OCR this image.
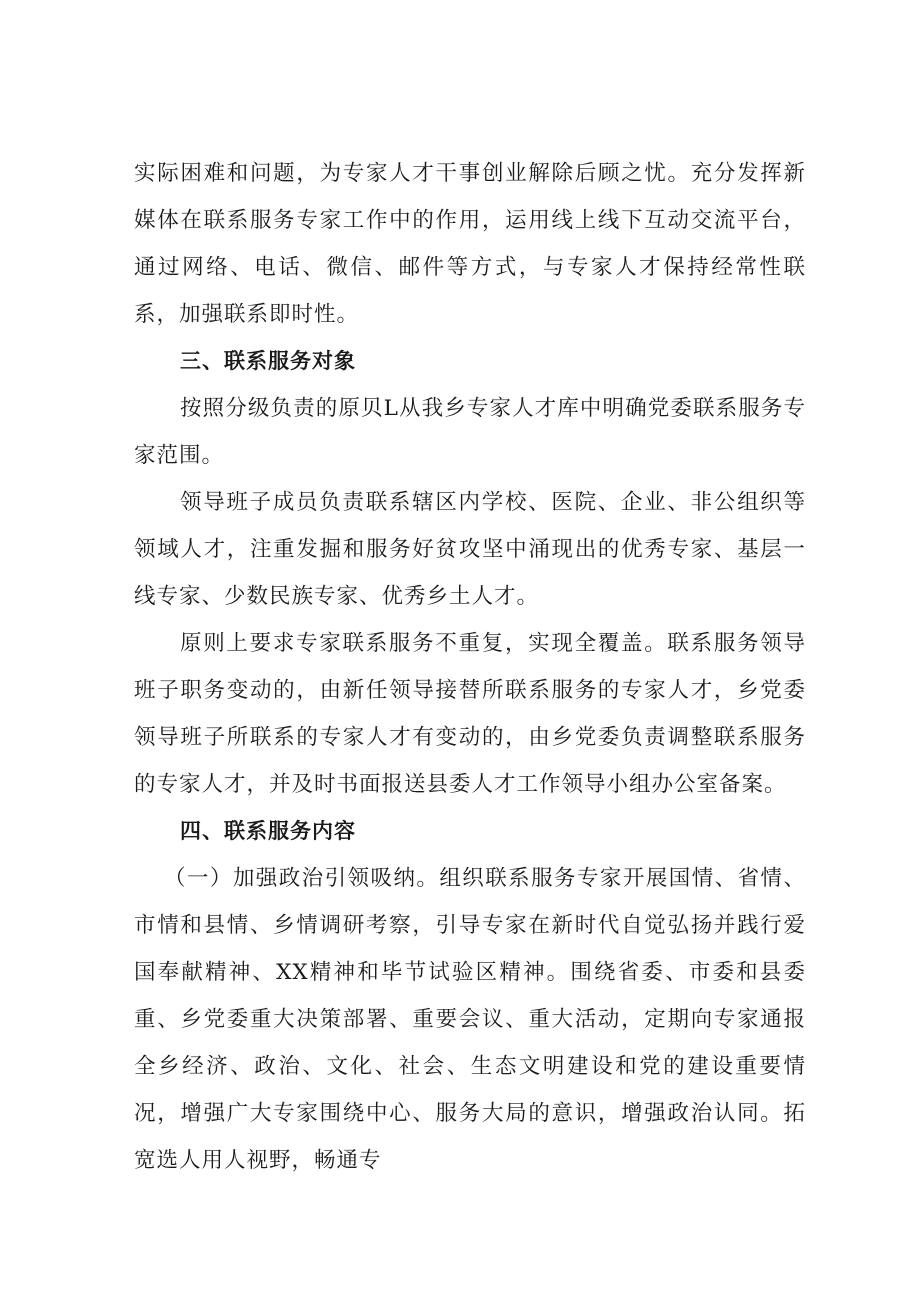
实际困难和问题，为专家人才干事创业解除后顾之忧。充分发挥新媒体在联系服务专家工作中的作用，运用线上线下互动交流平台，通过网络、电话、微信、邮件等方式，与专家人才保持经常性联系，加强联系即时性。

三、联系服务对象

按照分级负责的原贝L从我乡专家人才库中明确党委联系服务专家范围。

领导班子成员负责联系辖区内学校、医院、企业、非公组织等领域人才，注重发掘和服务好贫攻坚中涌现出的优秀专家、基层一线专家、少数民族专家、优秀乡土人才。

原则上要求专家联系服务不重复，实现全覆盖。联系服务领导班子职务变动的，由新任领导接替所联系服务的专家人才，乡党委领导班子所联系的专家人才有变动的，由乡党委负责调整联系服务的专家人才，并及时书面报送县委人才工作领导小组办公室备案。

四、联系服务内容

（一）加强政治引领吸纳。组织联系服务专家开展国情、省情、市情和县情、乡情调研考察，引导专家在新时代自觉弘扬并践行爱国奉献精神、XX精神和毕节试验区精神。围绕省委、市委和县委重、乡党委重大决策部署、重要会议、重大活动，定期向专家通报全乡经济、政治、文化、社会、生态文明建设和党的建设重要情况，增强广大专家围绕中心、服务大局的意识，增强政治认同。拓宽选人用人视野，畅通专
